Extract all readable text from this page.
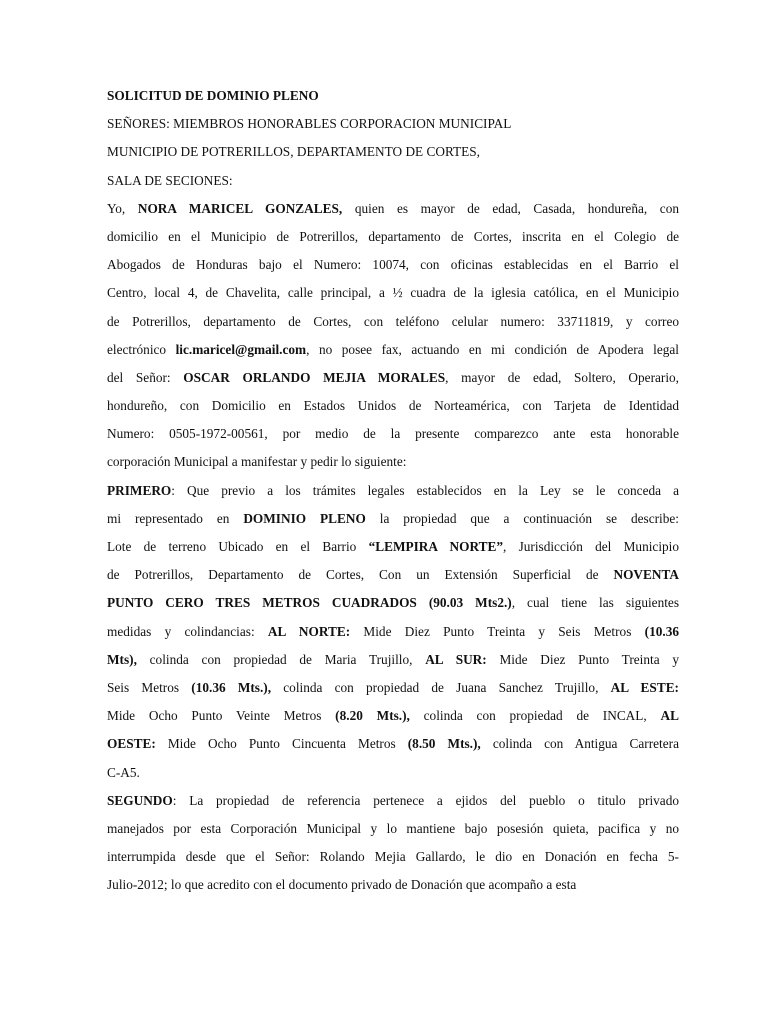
SOLICITUD DE DOMINIO PLENO
SEÑORES: MIEMBROS HONORABLES CORPORACION MUNICIPAL
MUNICIPIO DE POTRERILLOS, DEPARTAMENTO DE CORTES,
SALA DE SECIONES:
Yo, NORA MARICEL GONZALES, quien es mayor de edad, Casada, hondureña, con
domicilio en el Municipio de Potrerillos, departamento de Cortes, inscrita en el Colegio de
Abogados de Honduras bajo el Numero: 10074, con oficinas establecidas en el Barrio el
Centro, local 4, de Chavelita, calle principal, a ½ cuadra de la iglesia católica, en el Municipio
de Potrerillos, departamento de Cortes, con teléfono celular numero: 33711819, y correo
electrónico lic.maricel@gmail.com, no posee fax, actuando en mi condición de Apodera legal
del Señor: OSCAR ORLANDO MEJIA MORALES, mayor de edad, Soltero, Operario,
hondureño, con Domicilio en Estados Unidos de Norteamérica, con Tarjeta de Identidad
Numero: 0505-1972-00561, por medio de la presente comparezco ante esta honorable
corporación Municipal a manifestar y pedir lo siguiente:
PRIMERO: Que previo a los trámites legales establecidos en la Ley se le conceda a
mi representado en DOMINIO PLENO la propiedad que a continuación se describe:
Lote de terreno Ubicado en el Barrio “LEMPIRA NORTE”, Jurisdicción del Municipio
de Potrerillos, Departamento de Cortes, Con un Extensión Superficial de NOVENTA
PUNTO CERO TRES METROS CUADRADOS (90.03 Mts2.), cual tiene las siguientes
medidas y colindancias: AL NORTE: Mide Diez Punto Treinta y Seis Metros (10.36
Mts), colinda con propiedad de Maria Trujillo, AL SUR: Mide Diez Punto Treinta y
Seis Metros (10.36 Mts.), colinda con propiedad de Juana Sanchez Trujillo, AL ESTE:
Mide Ocho Punto Veinte Metros (8.20 Mts.), colinda con propiedad de INCAL, AL
OESTE: Mide Ocho Punto Cincuenta Metros (8.50 Mts.), colinda con Antigua Carretera
C-A5.
SEGUNDO: La propiedad de referencia pertenece a ejidos del pueblo o titulo privado
manejados por esta Corporación Municipal y lo mantiene bajo posesión quieta, pacifica y no
interrumpida desde que el Señor: Rolando Mejia Gallardo, le dio en Donación en fecha 5-
Julio-2012; lo que acredito con el documento privado de Donación que acompaño a esta
